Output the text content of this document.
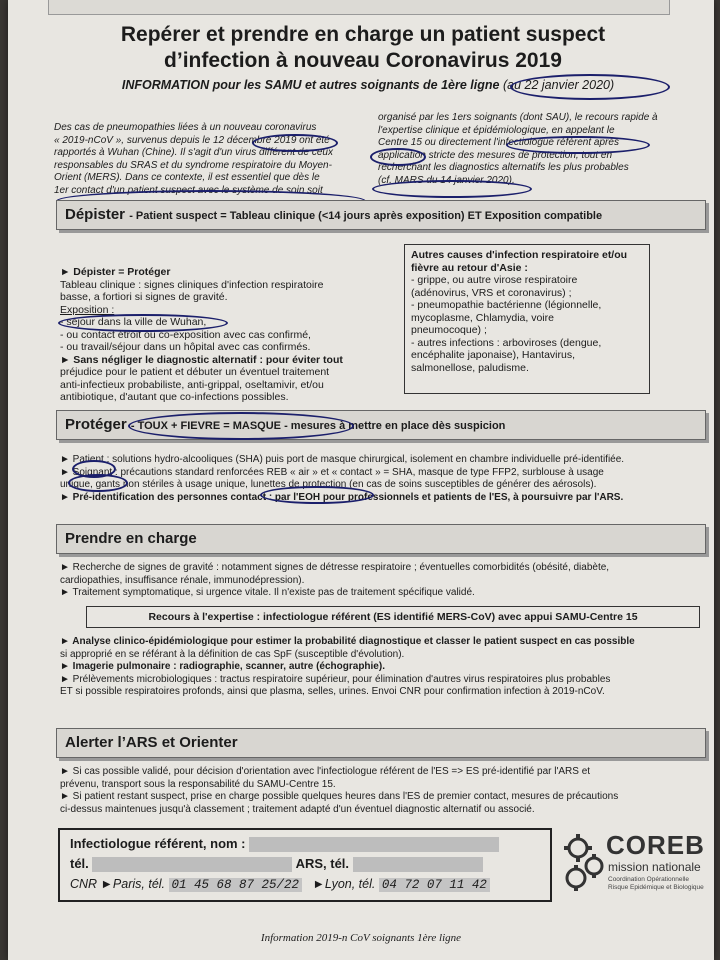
Repérer et prendre en charge un patient suspect
d’infection à nouveau Coronavirus 2019
INFORMATION pour les SAMU et autres soignants de 1ère ligne (au 22 janvier 2020)
Des cas de pneumopathies liées à un nouveau coronavirus
« 2019-nCoV », survenus depuis le 12 décembre 2019 ont été
rapportés à Wuhan (Chine). Il s'agit d'un virus différent de ceux
responsables du SRAS et du syndrome respiratoire du Moyen-
Orient (MERS). Dans ce contexte, il est essentiel que dès le
1er contact d'un patient suspect avec le système de soin soit
organisé par les 1ers soignants (dont SAU), le recours rapide à
l'expertise clinique et épidémiologique, en appelant le
Centre 15 ou directement l'infectiologue référent après
application stricte des mesures de protection, tout en
recherchant les diagnostics alternatifs les plus probables
(cf. MARS du 14 janvier 2020).
Dépister - Patient suspect = Tableau clinique (<14 jours après exposition) ET Exposition compatible
► Dépister = Protéger
Tableau clinique : signes cliniques d'infection respiratoire
basse, a fortiori si signes de gravité.
Exposition :
- séjour dans la ville de Wuhan,
- ou contact étroit ou co-exposition avec cas confirmé,
- ou travail/séjour dans un hôpital avec cas confirmés.
► Sans négliger le diagnostic alternatif : pour éviter tout
préjudice pour le patient et débuter un éventuel traitement
anti-infectieux probabiliste, anti-grippal, oseltamivir, et/ou
antibiotique, d'autant que co-infections possibles.
Autres causes d'infection respiratoire et/ou
fièvre au retour d'Asie :
- grippe, ou autre virose respiratoire
(adénovirus, VRS et coronavirus) ;
- pneumopathie bactérienne (légionnelle,
mycoplasme, Chlamydia, voire
pneumocoque) ;
- autres infections : arboviroses (dengue,
encéphalite japonaise), Hantavirus,
salmonellose, paludisme.
Protéger - TOUX + FIEVRE = MASQUE - mesures à mettre en place dès suspicion
► Patient : solutions hydro-alcooliques (SHA) puis port de masque chirurgical, isolement en chambre individuelle pré-identifiée.
► Soignant : précautions standard renforcées REB « air » et « contact » = SHA, masque de type FFP2, surblouse à usage
unique, gants non stériles à usage unique, lunettes de protection (en cas de soins susceptibles de générer des aérosols).
► Pré-identification des personnes contact : par l'EOH pour professionnels et patients de l'ES, à poursuivre par l'ARS.
Prendre en charge
► Recherche de signes de gravité : notamment signes de détresse respiratoire ; éventuelles comorbidités (obésité, diabète,
cardiopathies, insuffisance rénale, immunodépression).
► Traitement symptomatique, si urgence vitale. Il n'existe pas de traitement spécifique validé.
Recours à l'expertise : infectiologue référent (ES identifié MERS-CoV) avec appui SAMU-Centre 15
► Analyse clinico-épidémiologique pour estimer la probabilité diagnostique et classer le patient suspect en cas possible
si approprié en se référant à la définition de cas SpF (susceptible d'évolution).
► Imagerie pulmonaire : radiographie, scanner, autre (échographie).
► Prélèvements microbiologiques : tractus respiratoire supérieur, pour élimination d'autres virus respiratoires plus probables
ET si possible respiratoires profonds, ainsi que plasma, selles, urines. Envoi CNR pour confirmation infection à 2019-nCoV.
Alerter l’ARS et Orienter
► Si cas possible validé, pour décision d'orientation avec l'infectiologue référent de l'ES => ES pré-identifié par l'ARS et
prévenu, transport sous la responsabilité du SAMU-Centre 15.
► Si patient restant suspect, prise en charge possible quelques heures dans l'ES de premier contact, mesures de précautions
ci-dessus maintenues jusqu'à classement ; traitement adapté d'un éventuel diagnostic alternatif ou associé.
Infectiologue référent, nom :
tél.	ARS, tél.
CNR ►Paris, tél. 01 45 68 87 25/22 ►Lyon, tél. 04 72 07 11 42
COREB
mission nationale
Coordination Opérationnelle
Risque Epidémique et Biologique
Information 2019-n CoV soignants 1ère ligne
